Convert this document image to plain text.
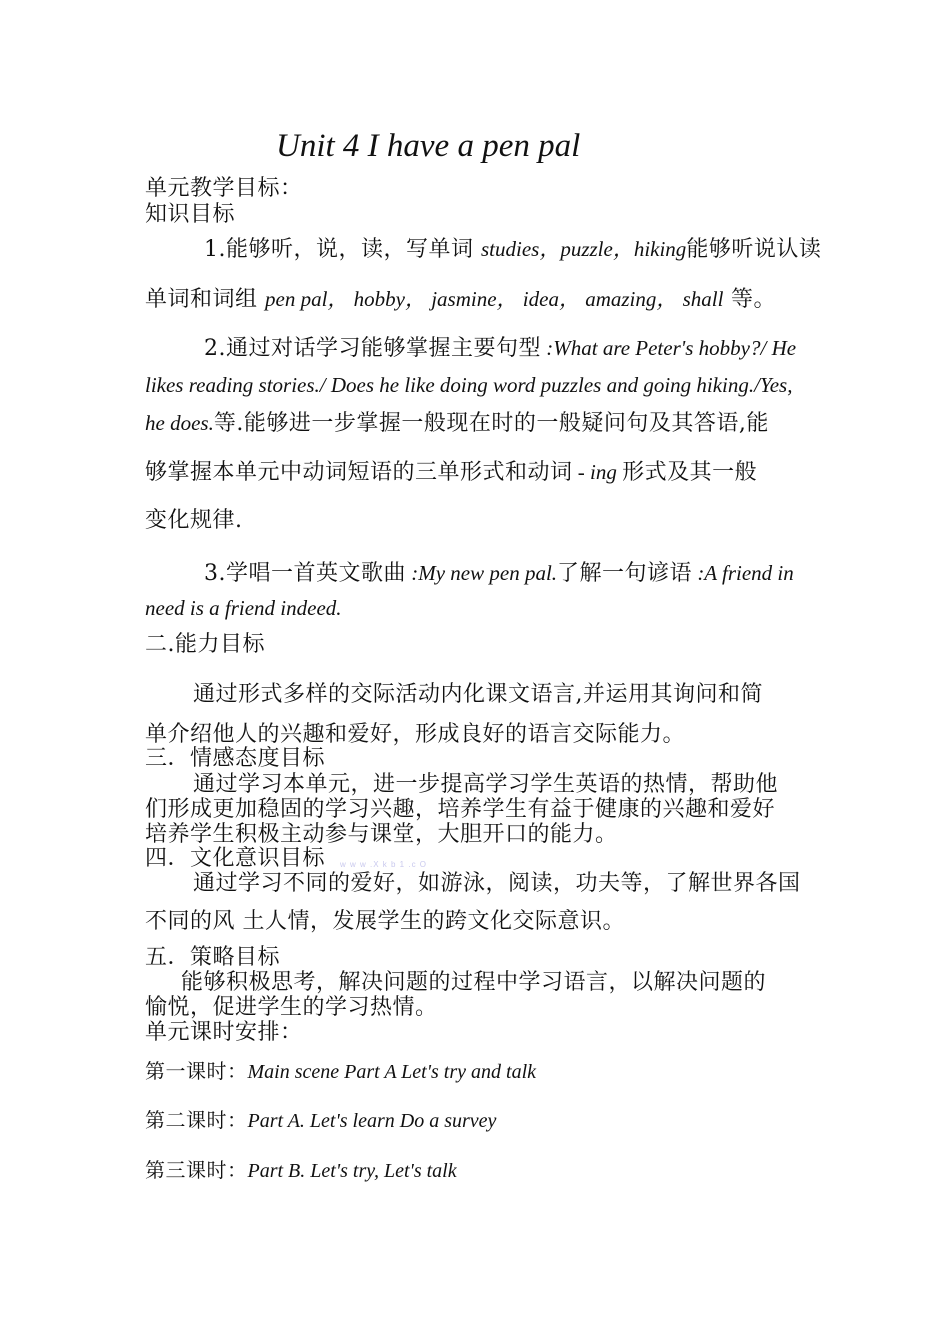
Unit 4 I have a pen pal
单元教学目标：
知识目标
1.能够听，说，读，写单词 studies，puzzle，hiking能够听说认读
单词和词组 pen pal， hobby， jasmine， idea， amazing， shall 等。
2.通过对话学习能够掌握主要句型 :What are Peter's hobby?/ He
likes reading stories./ Does he like doing word puzzles and going hiking./Yes,
he does.等.能够进一步掌握一般现在时的一般疑问句及其答语,能
够掌握本单元中动词短语的三单形式和动词 - ing 形式及其一般
变化规律.
3.学唱一首英文歌曲 :My new pen pal.了解一句谚语 :A friend in
need is a friend indeed.
二.能力目标
通过形式多样的交际活动内化课文语言,并运用其询问和简
单介绍他人的兴趣和爱好，形成良好的语言交际能力。
三．情感态度目标
通过学习本单元，进一步提高学习学生英语的热情，帮助他
们形成更加稳固的学习兴趣，培养学生有益于健康的兴趣和爱好
培养学生积极主动参与课堂，大胆开口的能力。
四．文化意识目标 w w w .X k b 1 .c O
通过学习不同的爱好，如游泳，阅读，功夫等，了解世界各国
不同的风 土人情，发展学生的跨文化交际意识。
五．策略目标
能够积极思考，解决问题的过程中学习语言，以解决问题的
愉悦，促进学生的学习热情。
单元课时安排：
第一课时：Main scene Part A Let's try and talk
第二课时：Part A. Let's learn Do a survey
第三课时：Part B. Let's try, Let's talk
